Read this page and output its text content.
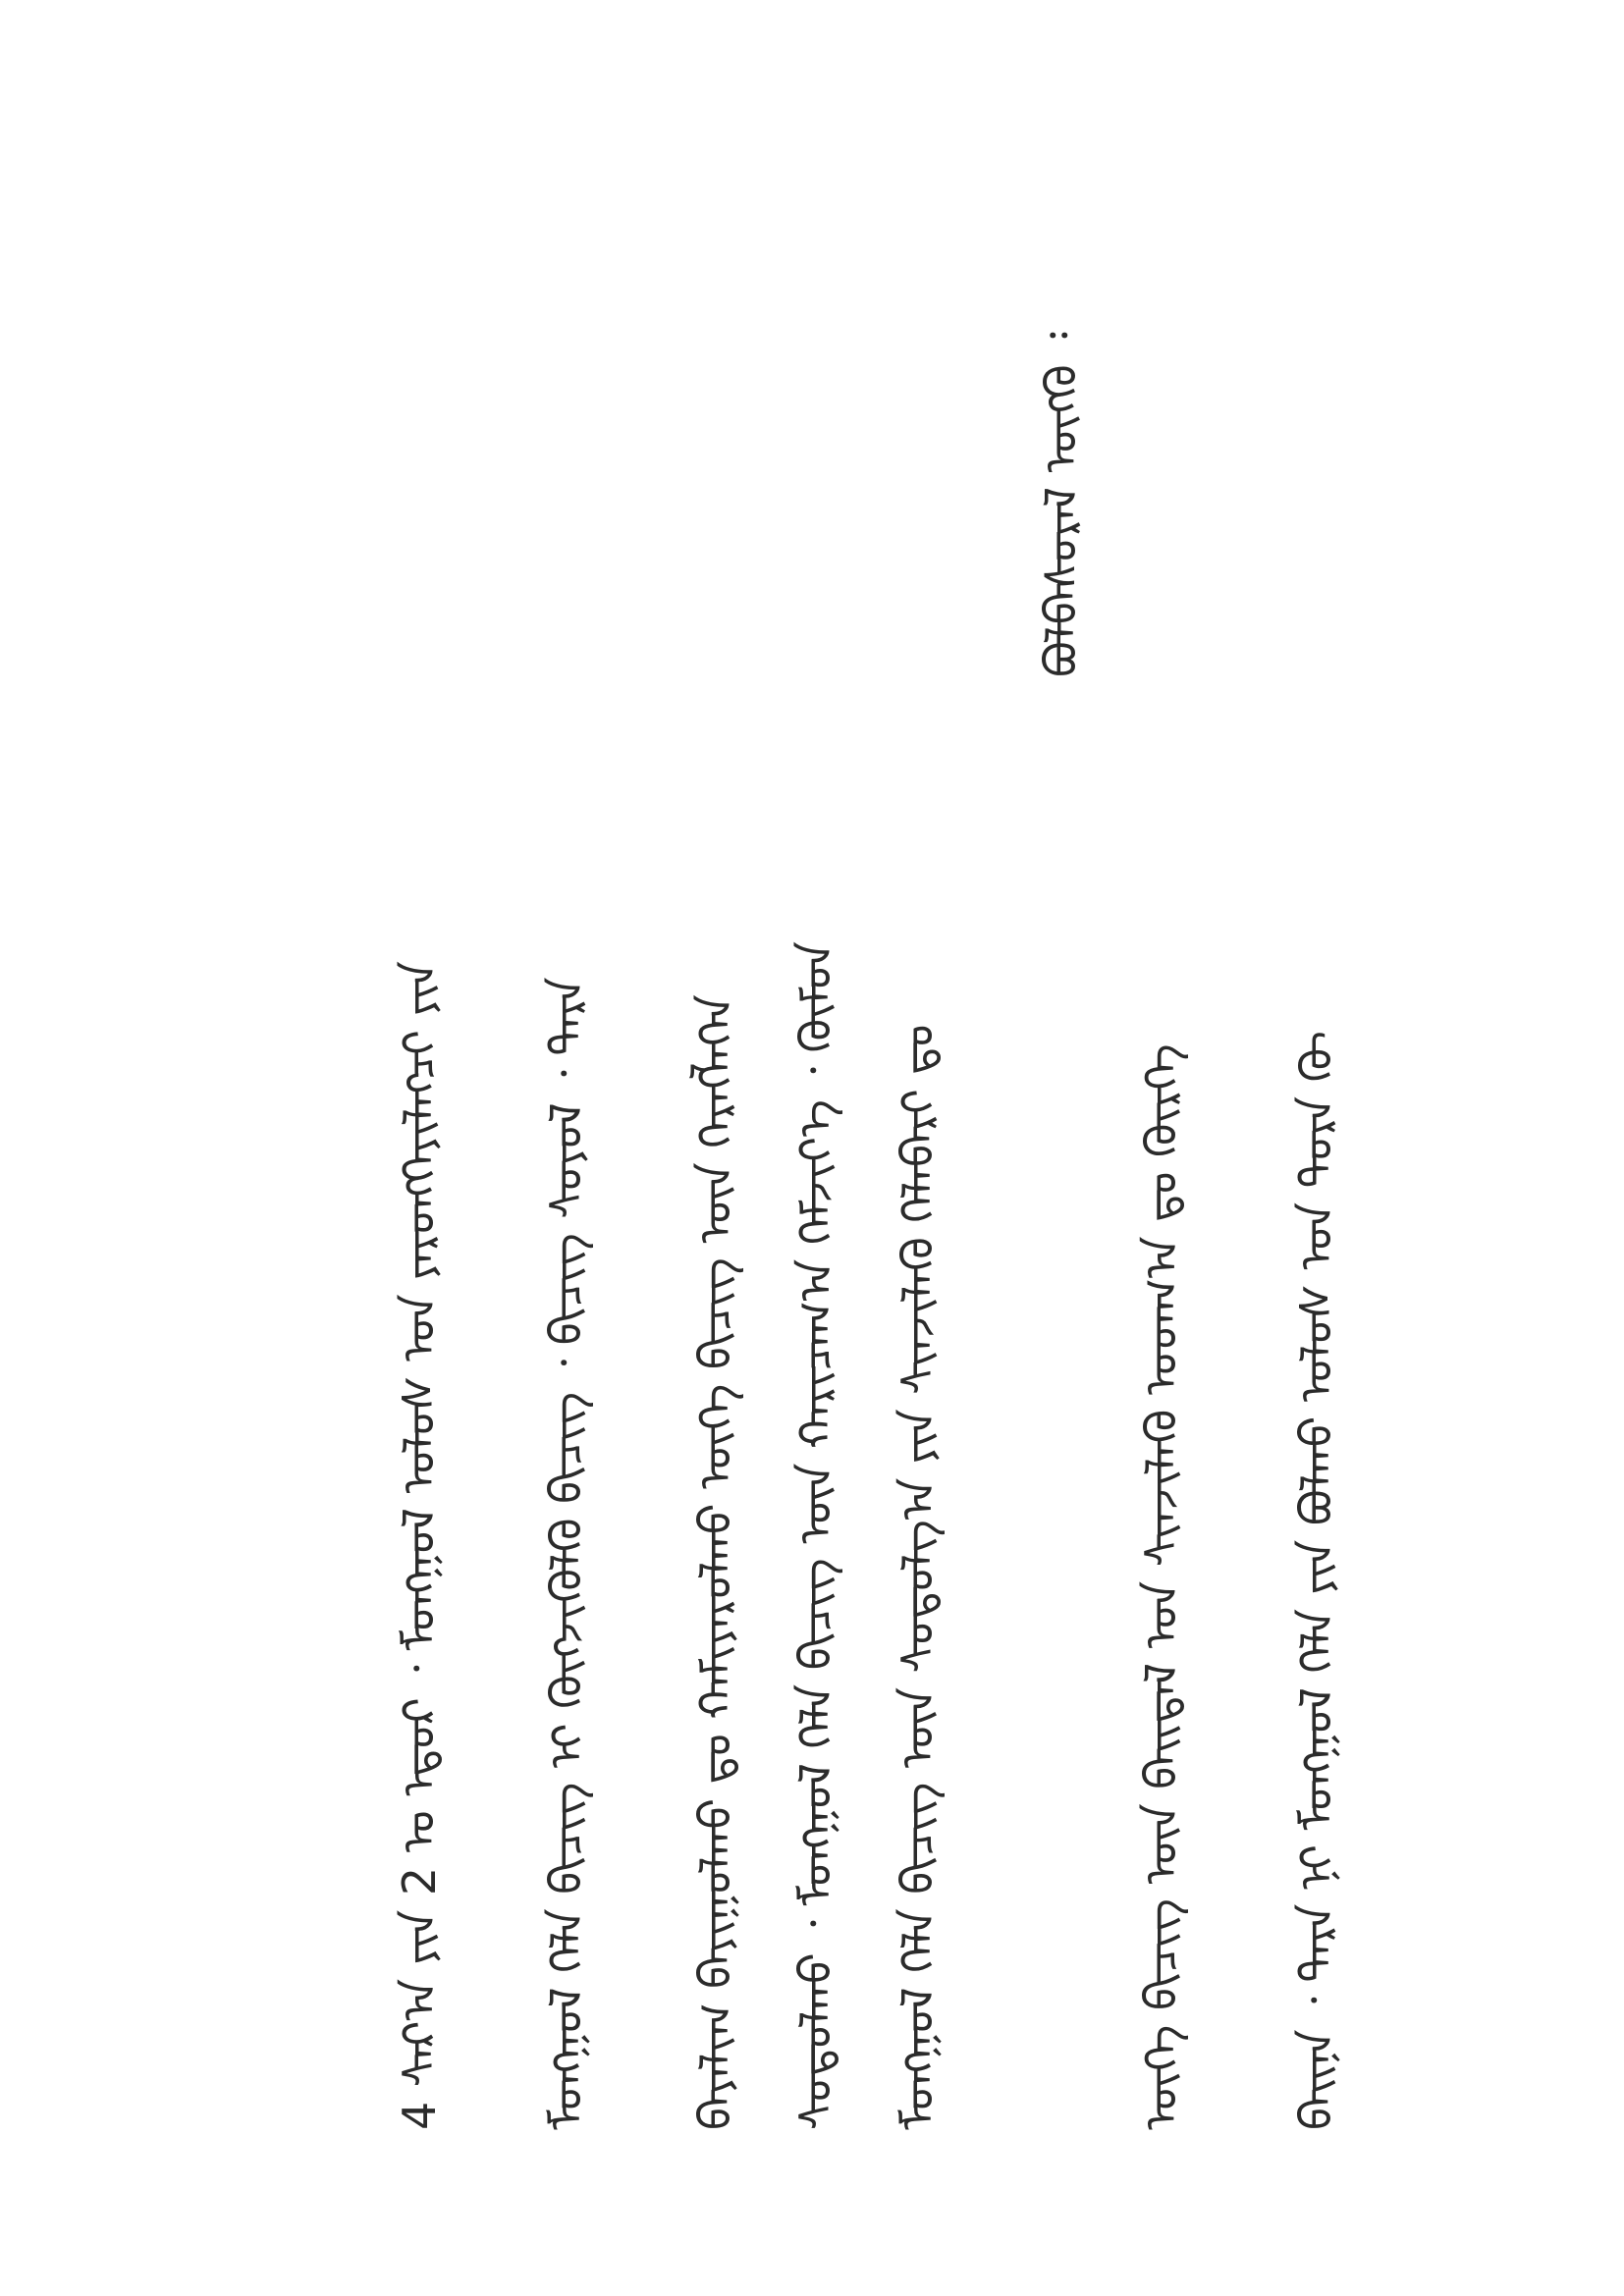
ᠪᠠᠢᠨᠠ ᠂ ᠲᠡᠷᠡ ᠨᠢ ᠮᠣᠩᠭᠣᠯ ᠬᠡᠯᠡ ᠶᠢᠨ ᠪᠣᠯᠬᠤ ᠤᠯᠤᠰ ᠤᠨ ᠳᠤᠷᠠ ᠬᠦ
ᠦᠭᠡ ᠪᠢᠴᠢᠭ ᠦᠨ ᠪᠠᠢᠳᠠᠯ ᠤᠨ ᠰᠢᠨᠵᠢᠯᠡᠬᠦ ᠤᠳᠬ᠎ᠠ ᠳᠤ ᠬᠦᠷᠭᠡ
ᠪᠣᠯᠪᠠᠰᠤᠷᠠᠯ ᠦᠭᠬᠦ ᠄
ᠮᠣᠩᠭᠣᠯ ᠬᠡᠯᠡ ᠪᠢᠴᠢᠭ ᠦᠨ ᠰᠤᠳᠤᠯᠭ᠎ᠠ ᠶᠢᠨ ᠰᠢᠨᠵᠢᠯᠡᠬᠦ ᠬᠡᠯᠡᠪᠡᠷᠢ ᠳᠤ
ᠰᠤᠳᠤᠯᠬᠤ ᠂ ᠮᠣᠩᠭᠣᠯ ᠬᠡᠯᠡ ᠪᠢᠴᠢᠭ ᠦᠨ ᠬᠠᠷᠢᠴᠠᠭ᠎ᠠ ᠬᠡᠮᠵᠢᠶ᠎ᠡ ᠂ ᠬᠦᠮᠦᠨ
ᠪᠠᠶᠠᠯᠢᠭ ᠪᠠᠶᠢᠭᠤᠯᠬᠤ ᠳᠤ ᠬᠠᠮᠢᠶᠠᠷᠤᠯᠬᠤ ᠦᠭᠡ ᠪᠢᠴᠢᠭ ᠦᠨ ᠬᠡᠷᠡᠭᠯᠡᠭᠡᠨ
ᠮᠣᠩᠭᠣᠯ ᠬᠡᠯᠡ ᠪᠢᠴᠢᠭ ᠢ ᠬᠦᠭᠵᠢᠭᠦᠯᠬᠦ ᠪᠢᠴᠢᠭ ᠂ ᠪᠢᠴᠢᠭ ᠰᠣᠶᠣᠯ ᠂ ᠲᠡᠷᠡ
4 ᠰᠠᠷ᠎ᠠ ᠶᠢᠨ 2 ᠤ ᠡᠳᠦᠷ ᠂ ᠮᠣᠩᠭᠣᠯ ᠤᠯᠤᠰ ᠤᠨ ᠶᠡᠷᠦᠩᠬᠡᠶᠢᠯᠡᠭᠴᠢ ᠶᠢᠨ
